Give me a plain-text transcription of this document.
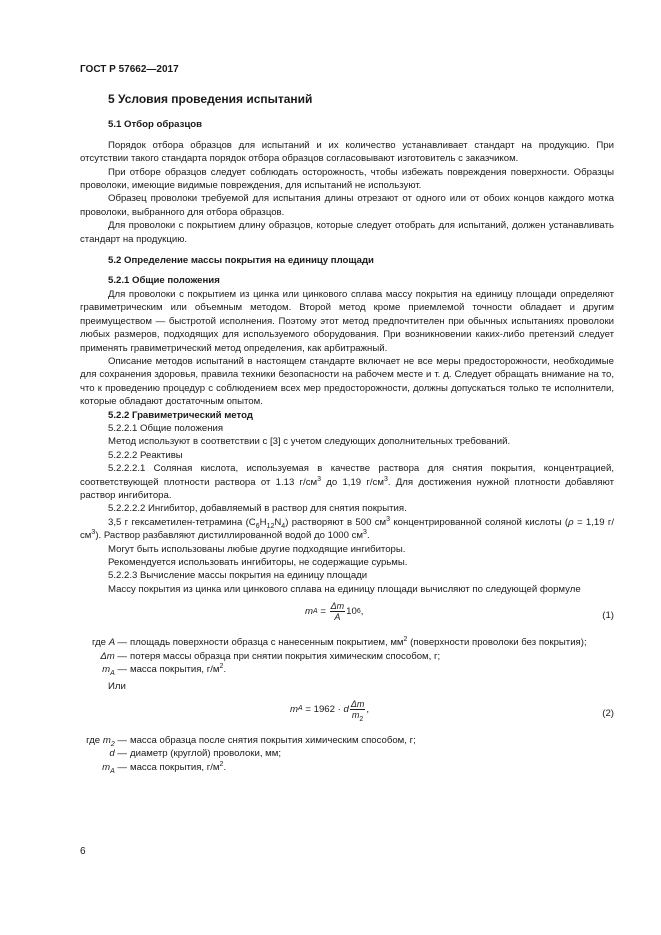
ГОСТ Р 57662—2017
5 Условия проведения испытаний
5.1 Отбор образцов

Порядок отбора образцов для испытаний и их количество устанавливает стандарт на продукцию. При отсутствии такого стандарта порядок отбора образцов согласовывают изготовитель с заказчиком.

При отборе образцов следует соблюдать осторожность, чтобы избежать повреждения поверхности. Образцы проволоки, имеющие видимые повреждения, для испытаний не используют.

Образец проволоки требуемой для испытания длины отрезают от одного или от обоих концов каждого мотка проволоки, выбранного для отбора образцов.

Для проволоки с покрытием длину образцов, которые следует отобрать для испытаний, должен устанавливать стандарт на продукцию.

5.2 Определение массы покрытия на единицу площади
5.2.1 Общие положения

Для проволоки с покрытием из цинка или цинкового сплава массу покрытия на единицу площади определяют гравиметрическим или объемным методом. Второй метод кроме приемлемой точности обладает и другим преимуществом — быстротой исполнения. Поэтому этот метод предпочтителен при обычных испытаниях проволоки любых размеров, подходящих для используемого оборудования. При возникновении каких-либо претензий следует применять гравиметрический метод определения, как арбитражный.

Описание методов испытаний в настоящем стандарте включает не все меры предосторожности, необходимые для сохранения здоровья, правила техники безопасности на рабочем месте и т. д. Следует обращать внимание на то, что к проведению процедур с соблюдением всех мер предосторожности, должны допускаться только те исполнители, которые обладают достаточным опытом.

5.2.2 Гравиметрический метод

5.2.2.1 Общие положения

Метод используют в соответствии с [3] с учетом следующих дополнительных требований.

5.2.2.2 Реактивы

5.2.2.2.1 Соляная кислота, используемая в качестве раствора для снятия покрытия, концентрацией, соответствующей плотности раствора от 1.13 $г/см^3$ до 1,19 $г/см^3$. Для достижения нужной плотности добавляют раствор ингибитора.

5.2.2.2.2 Ингибитор, добавляемый в раствор для снятия покрытия.

3,5 г гексаметилен-тетрамина $(C_6H_{12}N_4)$ растворяют в 500 $см^3$ концентрированной соляной кислоты (ρ = 1,19 $г/см^3$). Раствор разбавляют дистиллированной водой до 1000 $см^3$.

Могут быть использованы любые другие подходящие ингибиторы.

Рекомендуется использовать ингибиторы, не содержащие сурьмы.

5.2.2.3 Вычисление массы покрытия на единицу площади

Массу покрытия из цинка или цинкового сплава на единицу площади вычисляют по следующей формуле

m $A = \frac{\Delta m}{A} 10$ 6 ,	(1)
где A — площадь поверхности образца с нанесенным покрытием, $мм^2$ (поверхности проволоки без покрытия);
Δm — потеря массы образца при снятии покрытия химическим способом, г;
$m_A$ — масса покрытия, $г/м^2$.

Или

m A = 1962 · d $\frac{\Delta m}{m_2}$ ,	(2)
где $m_2$ — масса образца после снятия покрытия химическим способом, г;
d — диаметр (круглой) проволоки, мм;
$m_A$ — масса покрытия, $г/м^2$.
6
